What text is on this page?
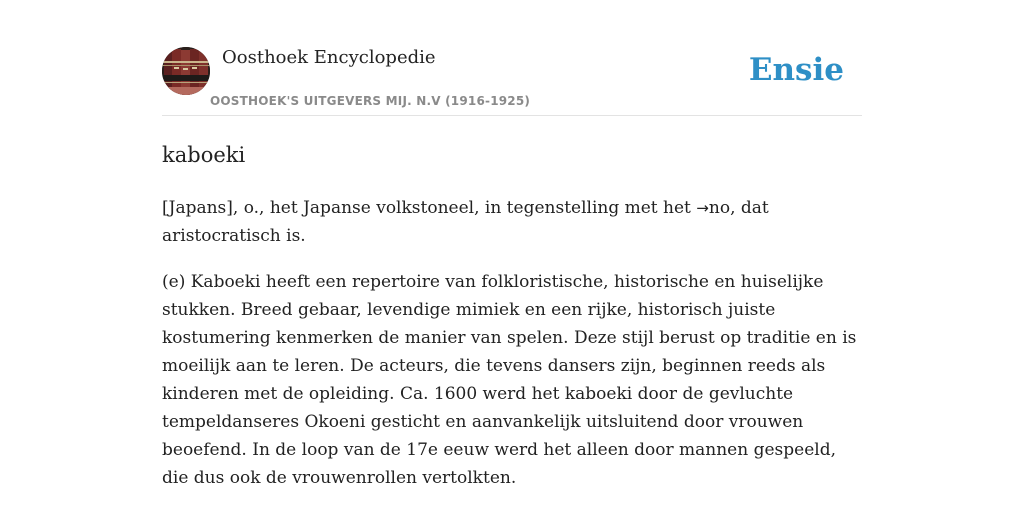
Oosthoek Encyclopedie
OOSTHOEK'S UITGEVERS MIJ. N.V (1916-1925)
Ensie
kaboeki

[Japans], o., het Japanse volkstoneel, in tegenstelling met het →no, dat aristocratisch is.

(e) Kaboeki heeft een repertoire van folkloristische, historische en huiselijke stukken. Breed gebaar, levendige mimiek en een rijke, historisch juiste kostumering kenmerken de manier van spelen. Deze stijl berust op traditie en is moeilijk aan te leren. De acteurs, die tevens dansers zijn, beginnen reeds als kinderen met de opleiding. Ca. 1600 werd het kaboeki door de gevluchte tempeldanseres Okoeni gesticht en aanvankelijk uitsluitend door vrouwen beoefend. In de loop van de 17e eeuw werd het alleen door mannen gespeeld, die dus ook de vrouwenrollen vertolkten.
